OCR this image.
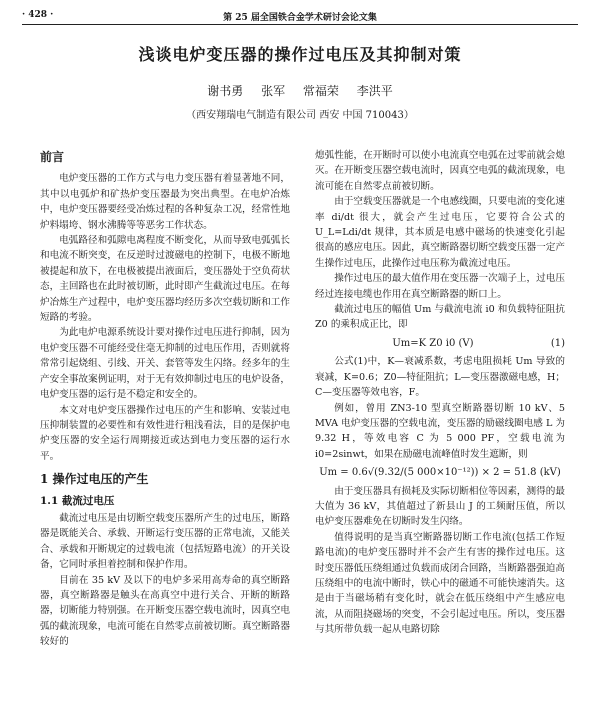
· 428 ·	第 25 届全国铁合金学术研讨会论文集
浅谈电炉变压器的操作过电压及其抑制对策
谢书勇 张军 常福荣 李洪平
（西安翔瑞电气制造有限公司 西安 中国 710043）
前言

电炉变压器的工作方式与电力变压器有着显著地不同，其中以电弧炉和矿热炉变压器最为突出典型。在电炉冶炼中，电炉变压器要经受冶炼过程的各种复杂工况，经常性地炉料塌垮、钢水沸腾等等恶劣工作状态。

电弧路径和弧隙电离程度不断变化，从而导致电弧弧长和电流不断突变，在反逆时过渡磁电的控制下，电极不断地被提起和放下，在电极被提出液面后，变压器处于空负荷状态，主回路也在此时被切断，此时即产生截流过电压。在每炉冶炼生产过程中，电炉变压器均经历多次空载切断和工作短路的考验。

为此电炉电源系统设计要对操作过电压进行抑制，因为电炉变压器不可能经受住毫无抑制的过电压作用，否则就将常常引起烧组、引线、开关、套管等发生闪络。经多年的生产安全事故案例证明，对于无有效抑制过电压的电炉设备，电炉变压器的运行是不稳定和安全的。

本文对电炉变压器操作过电压的产生和影响、安装过电压抑制装置的必要性和有效性进行粗浅看法，目的是保护电炉变压器的安全运行周期接近或达到电力变压器的运行水平。

1 操作过电压的产生
1.1 截流过电压

截流过电压是由切断空载变压器所产生的过电压，断路器是既能关合、承载、开断运行变压器的正常电流，又能关合、承载和开断规定的过载电流（包括短路电流）的开关设备，它同时承担着控制和保护作用。

目前在 35 kV 及以下的电炉多采用高寿命的真空断路器，真空断路器是触头在高真空中进行关合、开断的断路器，切断能力特别强。在开断变压器空载电流时，因真空电弧的截流现象，电流可能在自然零点前被切断。真空断路器较好的

熄弧性能，在开断时可以使小电流真空电弧在过零前就会熄灭。在开断变压器空载电流时，因真空电弧的截流现象，电流可能在自然零点前被切断。

由于空载变压器就是一个电感线圈，只要电流的变化速率 di/dt 很大，就会产生过电压，它要符合公式的 U_L=Ldi/dt 规律，其本质是电感中磁场的快速变化引起很高的感应电压。因此，真空断路器切断空载变压器一定产生操作过电压，此操作过电压称为截流过电压。

操作过电压的最大值作用在变压器一次端子上，过电压经过连接电缆也作用在真空断路器的断口上。

截流过电压的幅值 Um 与截流电流 i0 和负载特征阻抗 Z0 的乘积成正比，即

Um=K Z0 i0 (V)	(1)

公式(1)中，K—衰减系数，考虑电阻损耗 Um 导致的衰减，K=0.6；Z0—特征阻抗；L—变压器激磁电感，H；C—变压器等效电容，F。

例如，曾用 ZN3-10 型真空断路器切断 10 kV、5 MVA 电炉变压器的空载电流，变压器的励磁线圈电感 L 为 9.32 H，等效电容 C 为 5 000 PF，空载电流为 i0=2sinwt，如果在励磁电流峰值时发生遮断，则

Um = 0.6√(9.32/(5 000×10⁻¹²)) × 2 = 51.8 (kV)

由于变压器具有损耗及实际切断相位等因素，测得的最大值为 36 kV，其值超过了新县山 J 的工频耐压值，所以电炉变压器难免在切断时发生闪络。

值得说明的是当真空断路器切断工作电流(包括工作短路电流)的电炉变压器时并不会产生有害的操作过电压。这时变压器低压绕组通过负载而成闭合回路，当断路器强迫高压绕组中的电流中断时，铁心中的磁通不可能快速消失。这是由于当磁场稍有变化时，就会在低压绕组中产生感应电流，从而阻挠磁场的突变，不会引起过电压。所以，变压器与其所带负载一起从电路切除
